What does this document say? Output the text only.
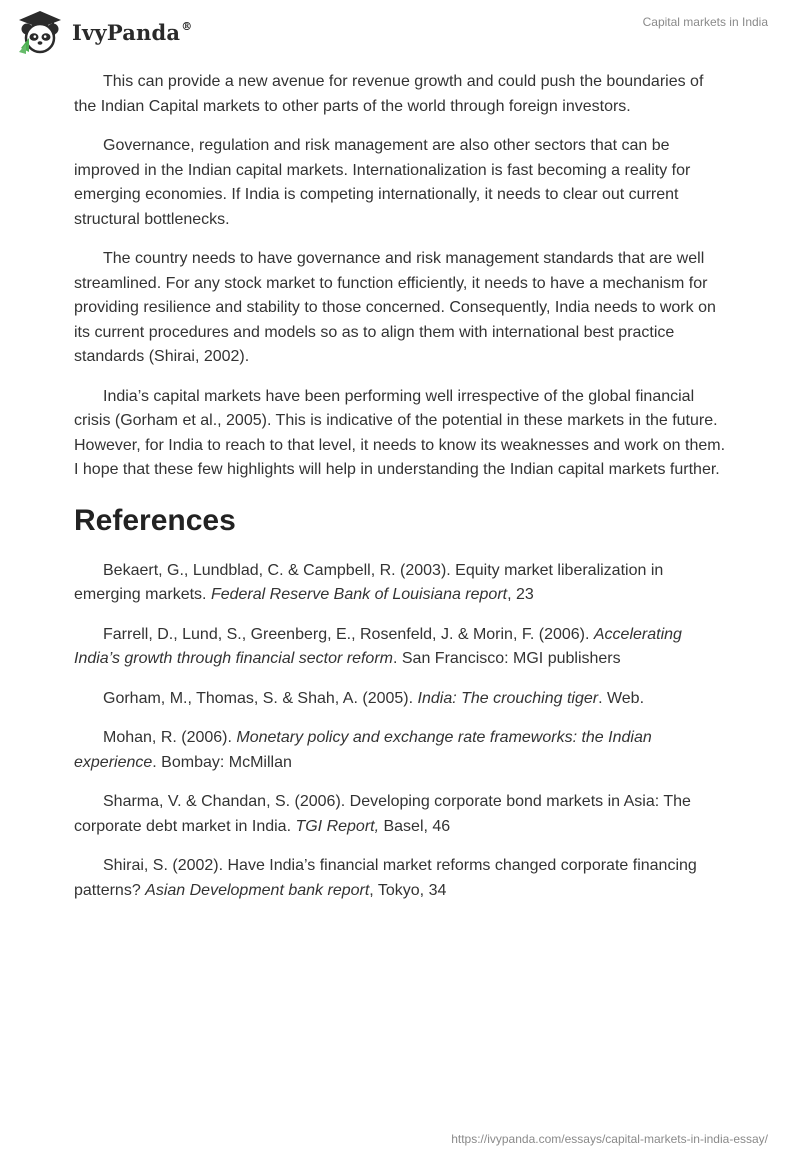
IvyPanda®	Capital markets in India

This can provide a new avenue for revenue growth and could push the boundaries of the Indian Capital markets to other parts of the world through foreign investors.

Governance, regulation and risk management are also other sectors that can be improved in the Indian capital markets. Internationalization is fast becoming a reality for emerging economies. If India is competing internationally, it needs to clear out current structural bottlenecks.

The country needs to have governance and risk management standards that are well streamlined. For any stock market to function efficiently, it needs to have a mechanism for providing resilience and stability to those concerned. Consequently, India needs to work on its current procedures and models so as to align them with international best practice standards (Shirai, 2002).

India’s capital markets have been performing well irrespective of the global financial crisis (Gorham et al., 2005). This is indicative of the potential in these markets in the future. However, for India to reach to that level, it needs to know its weaknesses and work on them. I hope that these few highlights will help in understanding the Indian capital markets further.

References

Bekaert, G., Lundblad, C. & Campbell, R. (2003). Equity market liberalization in emerging markets. Federal Reserve Bank of Louisiana report, 23

Farrell, D., Lund, S., Greenberg, E., Rosenfeld, J. & Morin, F. (2006). Accelerating India’s growth through financial sector reform. San Francisco: MGI publishers

Gorham, M., Thomas, S. & Shah, A. (2005). India: The crouching tiger. Web.

Mohan, R. (2006). Monetary policy and exchange rate frameworks: the Indian experience. Bombay: McMillan

Sharma, V. & Chandan, S. (2006). Developing corporate bond markets in Asia: The corporate debt market in India. TGI Report, Basel, 46

Shirai, S. (2002). Have India’s financial market reforms changed corporate financing patterns? Asian Development bank report, Tokyo, 34

https://ivypanda.com/essays/capital-markets-in-india-essay/
